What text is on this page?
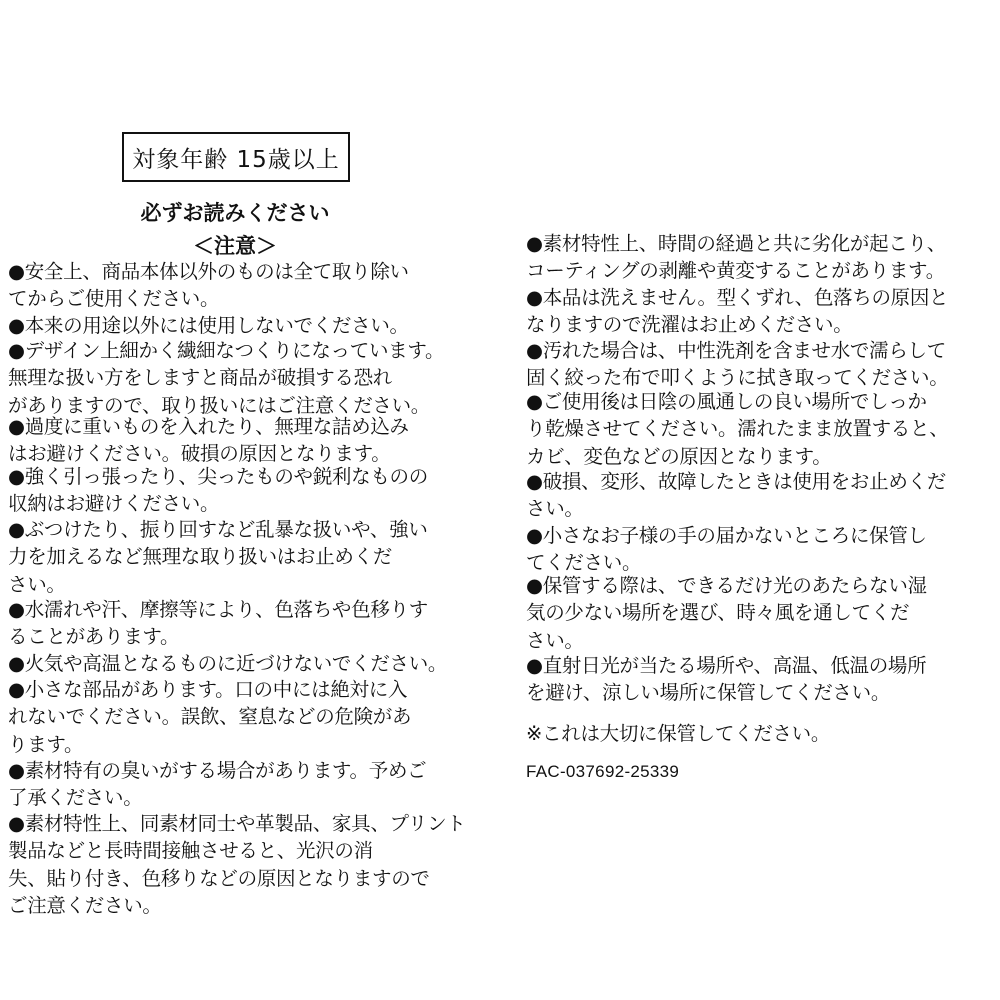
対象年齢 15歳以上
必ずお読みください
＜注意＞
●安全上、商品本体以外のものは全て取り除い
てからご使用ください。
●本来の用途以外には使用しないでください。
●デザイン上細かく繊細なつくりになっています。
無理な扱い方をしますと商品が破損する恐れ
がありますので、取り扱いにはご注意ください。
●過度に重いものを入れたり、無理な詰め込み
はお避けください。破損の原因となります。
●強く引っ張ったり、尖ったものや鋭利なものの
収納はお避けください。
●ぶつけたり、振り回すなど乱暴な扱いや、強い
力を加えるなど無理な取り扱いはお止めくだ
さい。
●水濡れや汗、摩擦等により、色落ちや色移りす
ることがあります。
●火気や高温となるものに近づけないでください。
●小さな部品があります。口の中には絶対に入
れないでください。誤飲、窒息などの危険があ
ります。
●素材特有の臭いがする場合があります。予めご
了承ください。
●素材特性上、同素材同士や革製品、家具、プリント
製品などと長時間接触させると、光沢の消
失、貼り付き、色移りなどの原因となりますので
ご注意ください。
●素材特性上、時間の経過と共に劣化が起こり、
コーティングの剥離や黄変することがあります。
●本品は洗えません。型くずれ、色落ちの原因と
なりますので洗濯はお止めください。
●汚れた場合は、中性洗剤を含ませ水で濡らして
固く絞った布で叩くように拭き取ってください。
●ご使用後は日陰の風通しの良い場所でしっか
り乾燥させてください。濡れたまま放置すると、
カビ、変色などの原因となります。
●破損、変形、故障したときは使用をお止めくだ
さい。
●小さなお子様の手の届かないところに保管し
てください。
●保管する際は、できるだけ光のあたらない湿
気の少ない場所を選び、時々風を通してくだ
さい。
●直射日光が当たる場所や、高温、低温の場所
を避け、涼しい場所に保管してください。
※これは大切に保管してください。
FAC-037692-25339
